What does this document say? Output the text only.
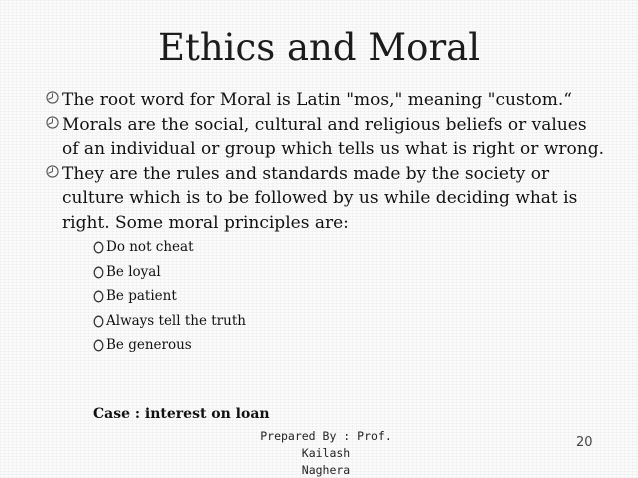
Ethics and Moral
The root word for Moral is Latin "mos," meaning "custom.“
Morals are the social, cultural and religious beliefs or values of an individual or group which tells us what is right or wrong.
They are the rules and standards made by the society or culture which is to be followed by us while deciding what is right. Some moral principles are:
Do not cheat
Be loyal
Be patient
Always tell the truth
Be generous
Case : interest on loan
Prepared By : Prof. Kailash
Naghera
20
